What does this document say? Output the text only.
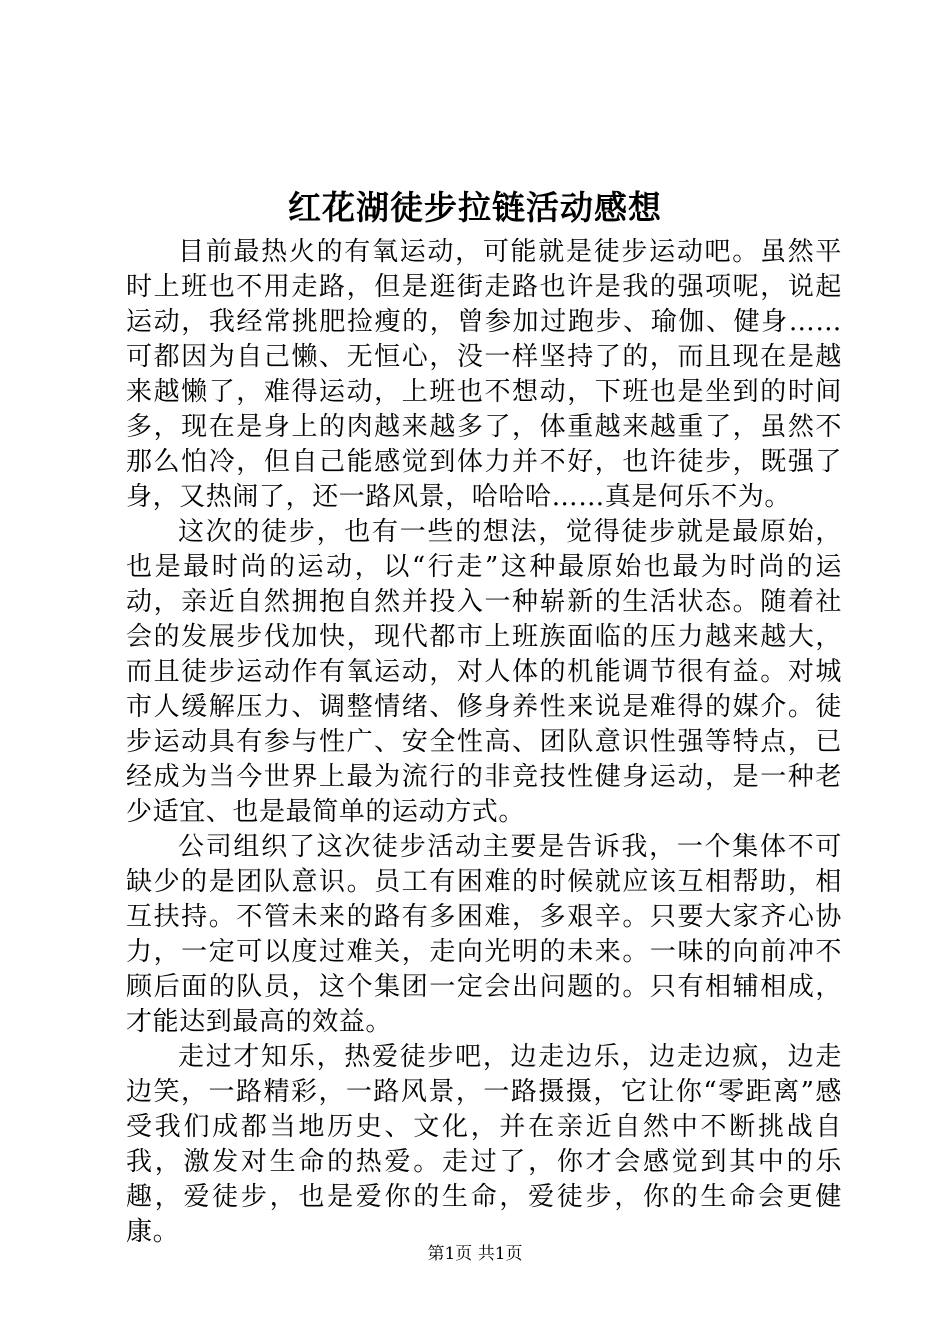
红花湖徒步拉链活动感想

目前最热火的有氧运动，可能就是徒步运动吧。虽然平时上班也不用走路，但是逛街走路也许是我的强项呢，说起运动，我经常挑肥捡瘦的，曾参加过跑步、瑜伽、健身……可都因为自己懒、无恒心，没一样坚持了的，而且现在是越来越懒了，难得运动，上班也不想动，下班也是坐到的时间多，现在是身上的肉越来越多了，体重越来越重了，虽然不那么怕冷，但自己能感觉到体力并不好，也许徒步，既强了身，又热闹了，还一路风景，哈哈哈……真是何乐不为。

这次的徒步，也有一些的想法，觉得徒步就是最原始，也是最时尚的运动，以“行走”这种最原始也最为时尚的运动，亲近自然拥抱自然并投入一种崭新的生活状态。随着社会的发展步伐加快，现代都市上班族面临的压力越来越大，而且徒步运动作有氧运动，对人体的机能调节很有益。对城市人缓解压力、调整情绪、修身养性来说是难得的媒介。徒步运动具有参与性广、安全性高、团队意识性强等特点，已经成为当今世界上最为流行的非竞技性健身运动，是一种老少适宜、也是最简单的运动方式。

公司组织了这次徒步活动主要是告诉我，一个集体不可缺少的是团队意识。员工有困难的时候就应该互相帮助，相互扶持。不管未来的路有多困难，多艰辛。只要大家齐心协力，一定可以度过难关，走向光明的未来。一味的向前冲不顾后面的队员，这个集团一定会出问题的。只有相辅相成，才能达到最高的效益。

走过才知乐，热爱徒步吧，边走边乐，边走边疯，边走边笑，一路精彩，一路风景，一路摄摄，它让你“零距离”感受我们成都当地历史、文化，并在亲近自然中不断挑战自我，激发对生命的热爱。走过了，你才会感觉到其中的乐趣，爱徒步，也是爱你的生命，爱徒步，你的生命会更健康。

第1页 共1页
